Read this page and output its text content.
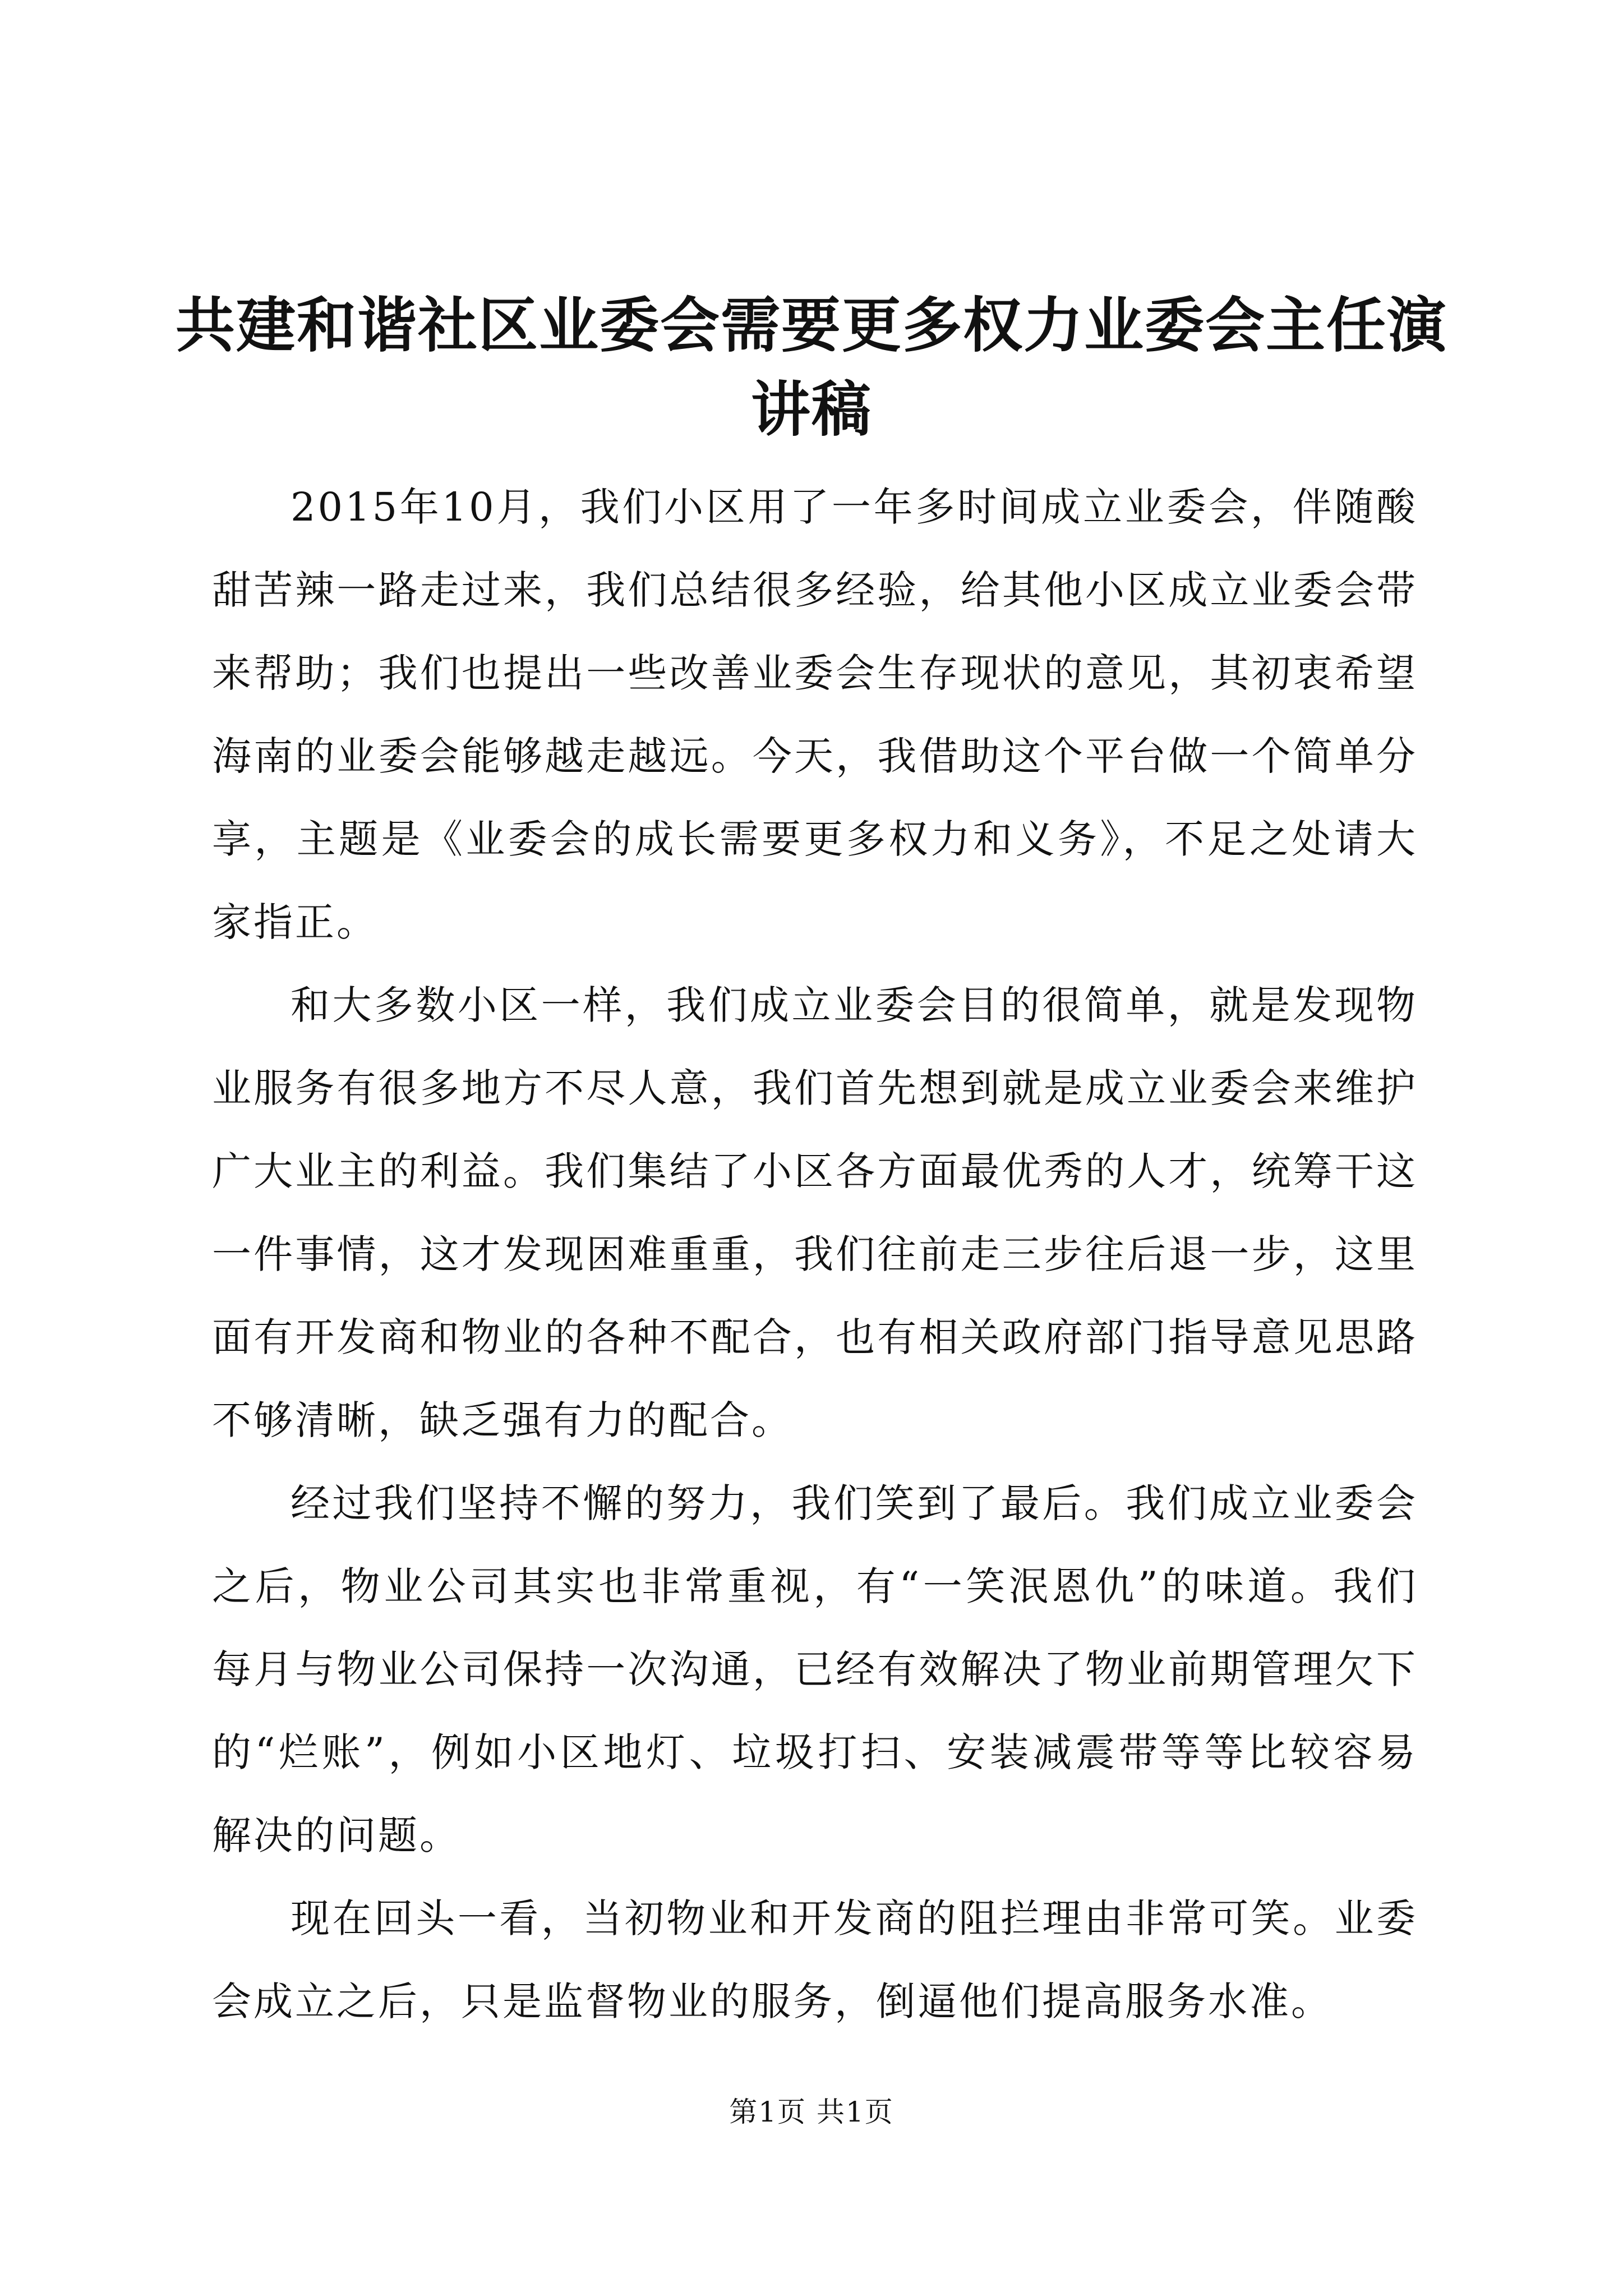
共建和谐社区业委会需要更多权力业委会主任演讲稿

2015年10月，我们小区用了一年多时间成立业委会，伴随酸甜苦辣一路走过来，我们总结很多经验，给其他小区成立业委会带来帮助；我们也提出一些改善业委会生存现状的意见，其初衷希望海南的业委会能够越走越远。今天，我借助这个平台做一个简单分享，主题是《业委会的成长需要更多权力和义务》，不足之处请大家指正。

和大多数小区一样，我们成立业委会目的很简单，就是发现物业服务有很多地方不尽人意，我们首先想到就是成立业委会来维护广大业主的利益。我们集结了小区各方面最优秀的人才，统筹干这一件事情，这才发现困难重重，我们往前走三步往后退一步，这里面有开发商和物业的各种不配合，也有相关政府部门指导意见思路不够清晰，缺乏强有力的配合。

经过我们坚持不懈的努力，我们笑到了最后。我们成立业委会之后，物业公司其实也非常重视，有“一笑泯恩仇”的味道。我们每月与物业公司保持一次沟通，已经有效解决了物业前期管理欠下的“烂账”，例如小区地灯、垃圾打扫、安装减震带等等比较容易解决的问题。

现在回头一看，当初物业和开发商的阻拦理由非常可笑。业委会成立之后，只是监督物业的服务，倒逼他们提高服务水准。

第1页 共1页
